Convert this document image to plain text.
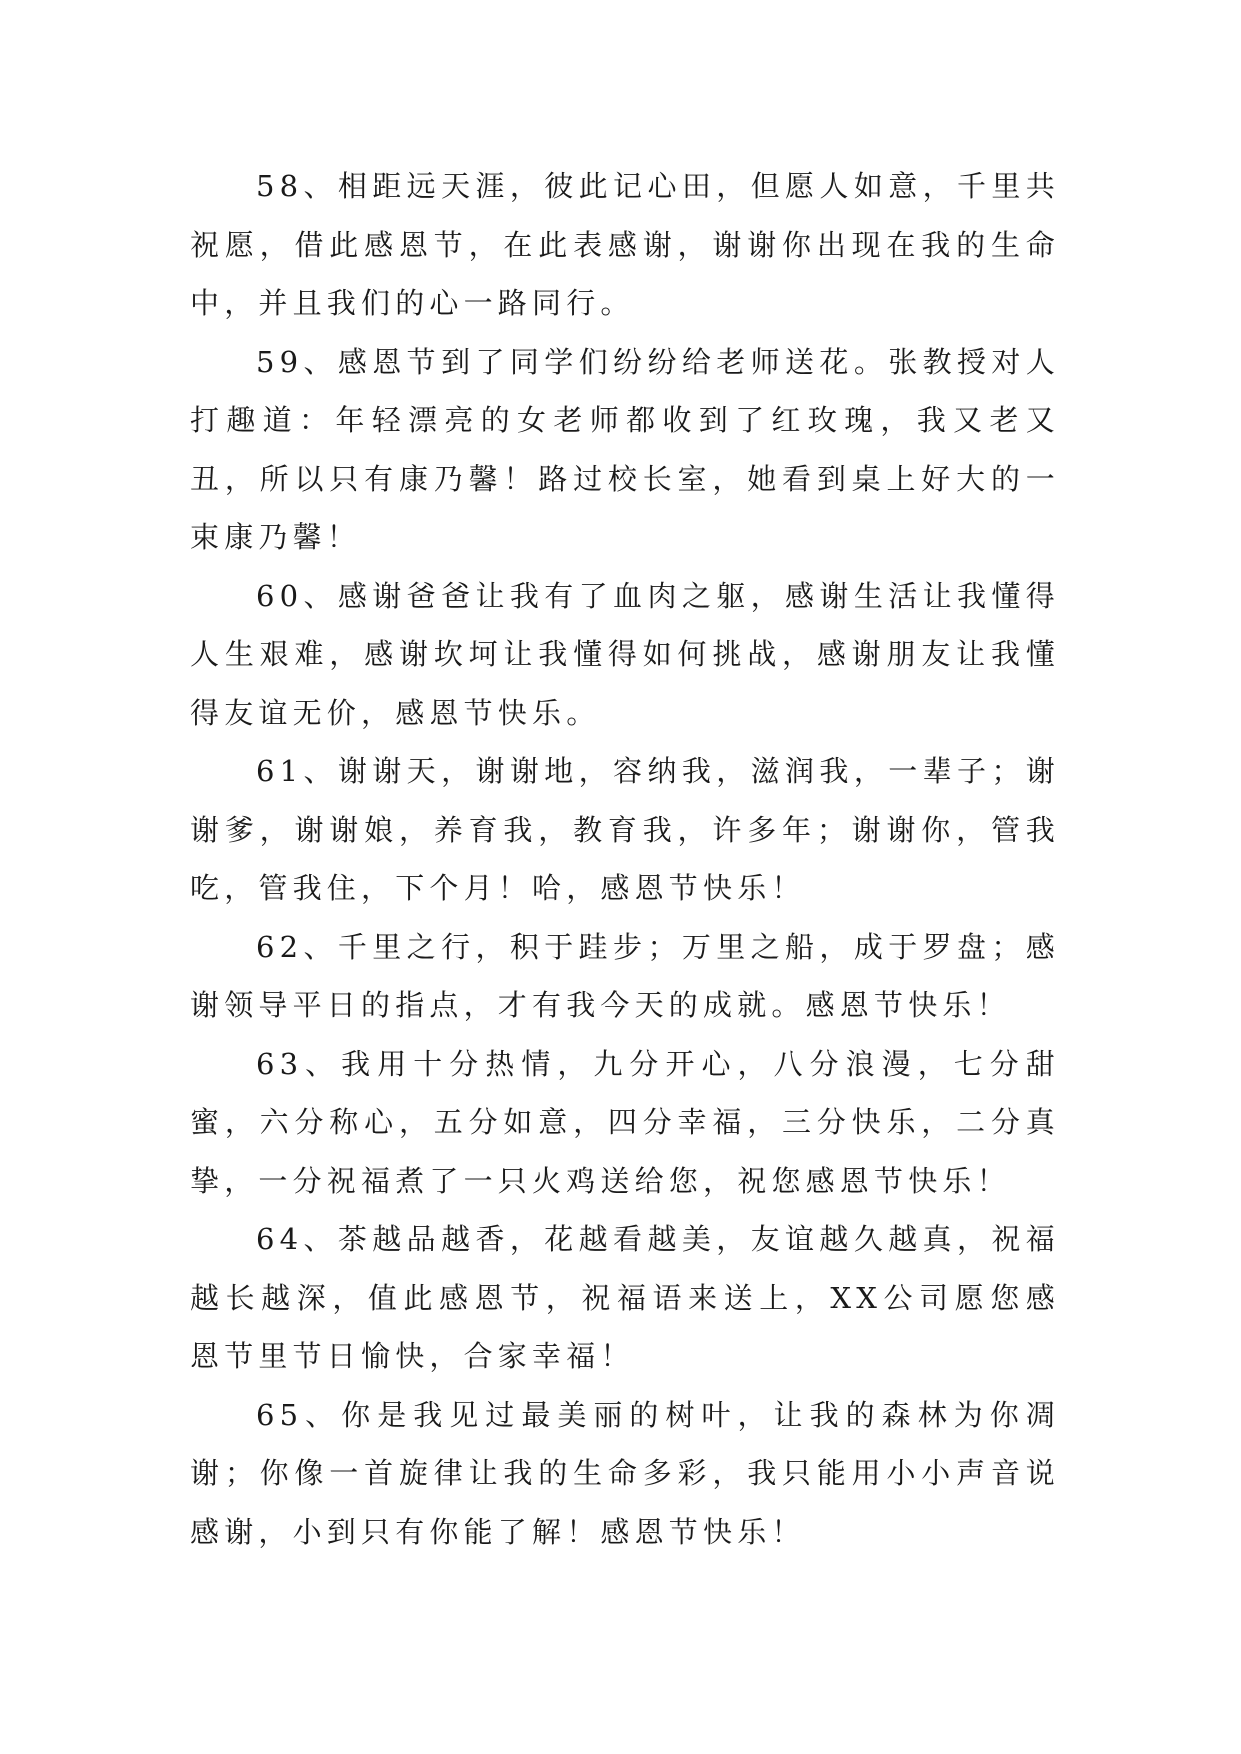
58、相距远天涯，彼此记心田，但愿人如意，千里共祝愿，借此感恩节，在此表感谢，谢谢你出现在我的生命中，并且我们的心一路同行。

59、感恩节到了同学们纷纷给老师送花。张教授对人打趣道：年轻漂亮的女老师都收到了红玫瑰，我又老又丑，所以只有康乃馨！路过校长室，她看到桌上好大的一束康乃馨！

60、感谢爸爸让我有了血肉之躯，感谢生活让我懂得人生艰难，感谢坎坷让我懂得如何挑战，感谢朋友让我懂得友谊无价，感恩节快乐。

61、谢谢天，谢谢地，容纳我，滋润我，一辈子；谢谢爹，谢谢娘，养育我，教育我，许多年；谢谢你，管我吃，管我住，下个月！哈，感恩节快乐！

62、千里之行，积于跬步；万里之船，成于罗盘；感谢领导平日的指点，才有我今天的成就。感恩节快乐！

63、我用十分热情，九分开心，八分浪漫，七分甜蜜，六分称心，五分如意，四分幸福，三分快乐，二分真挚，一分祝福煮了一只火鸡送给您，祝您感恩节快乐！

64、茶越品越香，花越看越美，友谊越久越真，祝福越长越深，值此感恩节，祝福语来送上，XX公司愿您感恩节里节日愉快，合家幸福！

65、你是我见过最美丽的树叶，让我的森林为你凋谢；你像一首旋律让我的生命多彩，我只能用小小声音说感谢，小到只有你能了解！感恩节快乐！
